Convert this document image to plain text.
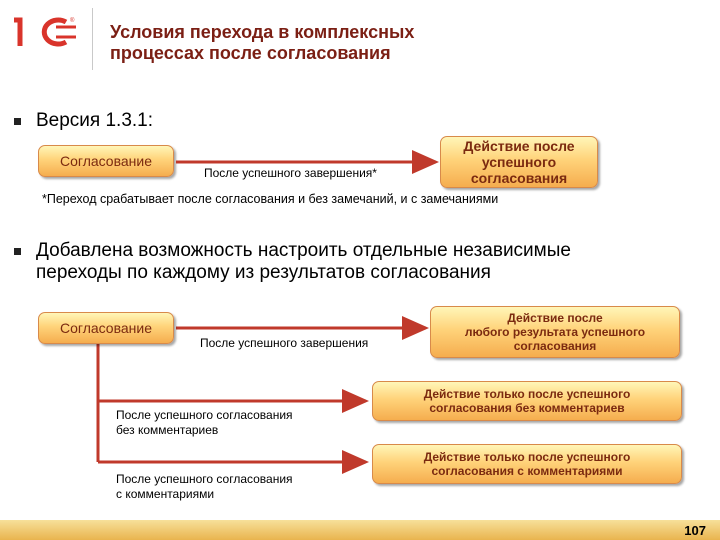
®
Условия перехода в комплексных
процессах после согласования
Версия 1.3.1:
Согласование
После успешного завершения*
Действие после
успешного
согласования
*Переход срабатывает после согласования и без замечаний, и с замечаниями
Добавлена возможность настроить отдельные независимые
переходы по каждому из результатов согласования
Согласование
После успешного завершения
Действие после
любого результата успешного
согласования
После успешного согласования
без комментариев
Действие только после успешного
согласования без комментариев
После успешного согласования
с комментариями
Действие только после успешного
согласования с комментариями
107
